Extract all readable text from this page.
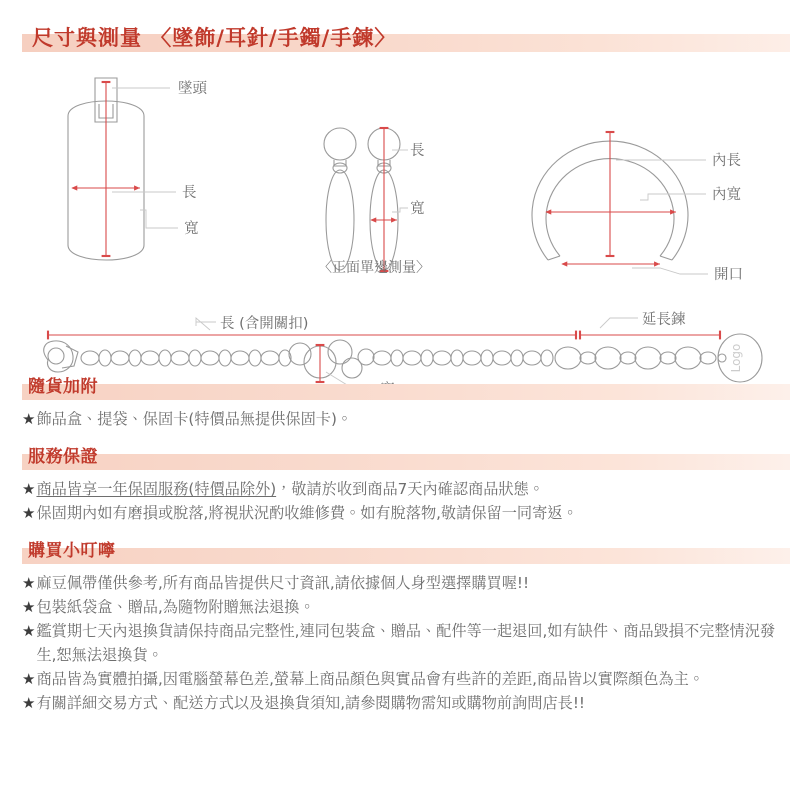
尺寸與測量 〈墜飾/耳針/手鐲/手鍊〉
墜頭
長
寬
長
寬
〈正面單邊測量〉
內長
內寬
開口
長 (含開關扣)	延長鍊
Logo
隨貨加附
★ 飾品盒、提袋、保固卡(特價品無提供保固卡)。
服務保證
★ 商品皆享一年保固服務(特價品除外)，敬請於收到商品7天內確認商品狀態。
★ 保固期內如有磨損或脫落,將視狀況酌收維修費。如有脫落物,敬請保留一同寄返。
購買小叮嚀
★ 麻豆佩帶僅供參考,所有商品皆提供尺寸資訊,請依據個人身型選擇購買喔!!
★ 包裝紙袋盒、贈品,為隨物附贈無法退換。
★ 鑑賞期七天內退換貨請保持商品完整性,連同包裝盒、贈品、配件等一起退回,如有缺件、商品毀損不完整情況發生,恕無法退換貨。
★ 商品皆為實體拍攝,因電腦螢幕色差,螢幕上商品顏色與實品會有些許的差距,商品皆以實際顏色為主。
★ 有關詳細交易方式、配送方式以及退換貨須知,請參閱購物需知或購物前詢問店長!!
